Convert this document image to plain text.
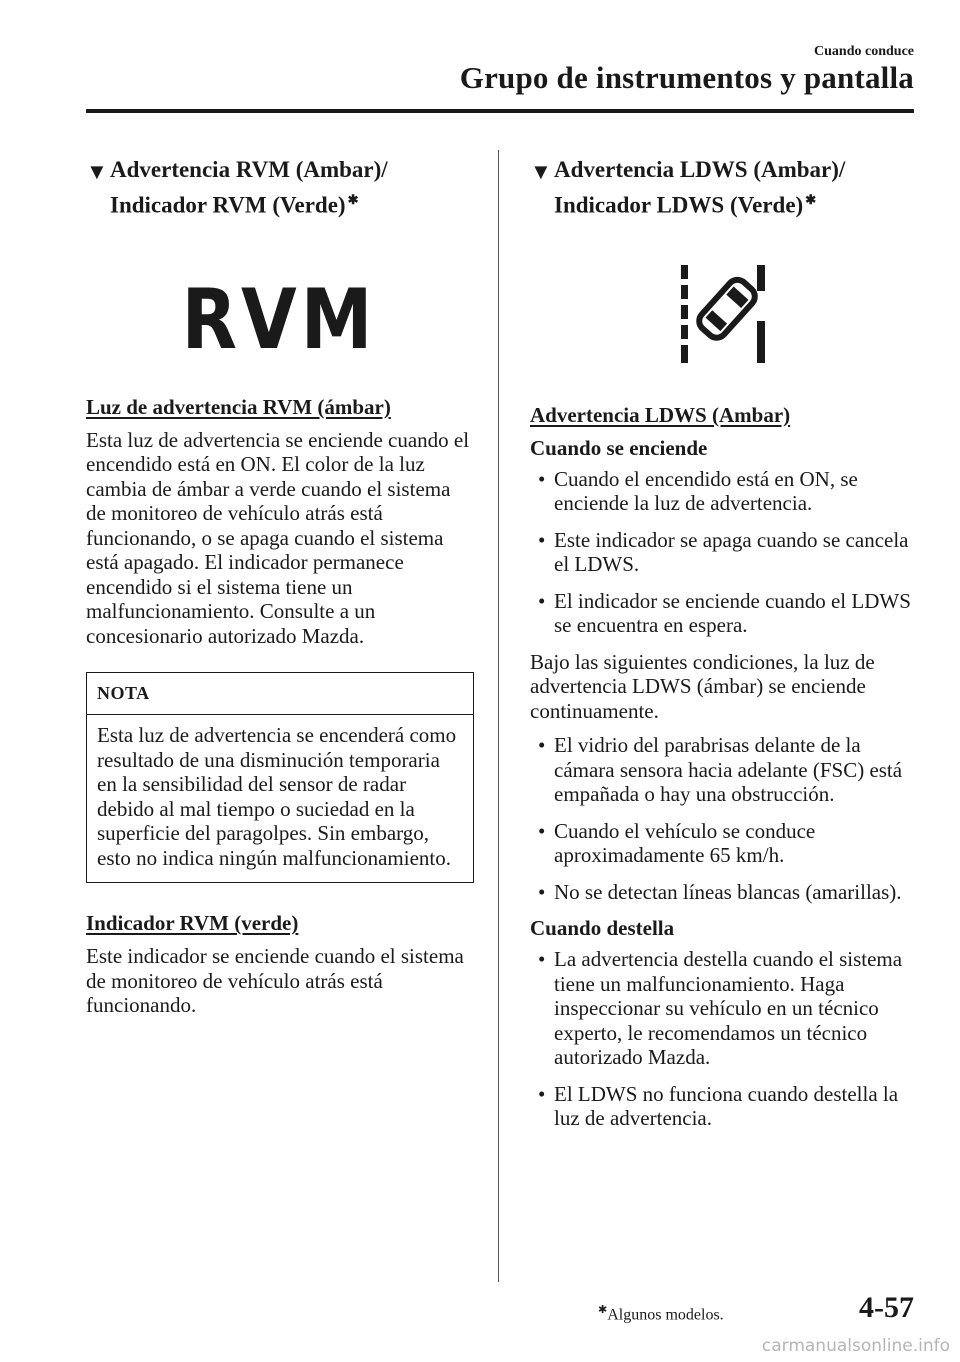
Cuando conduce
Grupo de instrumentos y pantalla
▼ Advertencia RVM (Ambar)/
Indicador RVM (Verde) ✱
RVM
Luz de advertencia RVM (ámbar)

Esta luz de advertencia se enciende cuando el encendido está en ON. El color de la luz cambia de ámbar a verde cuando el sistema de monitoreo de vehículo atrás está funcionando, o se apaga cuando el sistema está apagado. El indicador permanece encendido si el sistema tiene un malfuncionamiento. Consulte a un concesionario autorizado Mazda.

NOTA
Esta luz de advertencia se encenderá como resultado de una disminución temporaria en la sensibilidad del sensor de radar debido al mal tiempo o suciedad en la superficie del paragolpes. Sin embargo, esto no indica ningún malfuncionamiento.
Indicador RVM (verde)

Este indicador se enciende cuando el sistema de monitoreo de vehículo atrás está funcionando.

▼ Advertencia LDWS (Ambar)/
Indicador LDWS (Verde) ✱
Advertencia LDWS (Ambar)
Cuando se enciende
• Cuando el encendido está en ON, se enciende la luz de advertencia.
• Este indicador se apaga cuando se cancela el LDWS.
• El indicador se enciende cuando el LDWS se encuentra en espera.

Bajo las siguientes condiciones, la luz de advertencia LDWS (ámbar) se enciende continuamente.

• El vidrio del parabrisas delante de la cámara sensora hacia adelante (FSC) está empañada o hay una obstrucción.
• Cuando el vehículo se conduce aproximadamente 65 km/h.
• No se detectan líneas blancas (amarillas).
Cuando destella
• La advertencia destella cuando el sistema tiene un malfuncionamiento. Haga inspeccionar su vehículo en un técnico experto, le recomendamos un técnico autorizado Mazda.
• El LDWS no funciona cuando destella la luz de advertencia.
✱Algunos modelos.	4-57
carmanualsonline.info
